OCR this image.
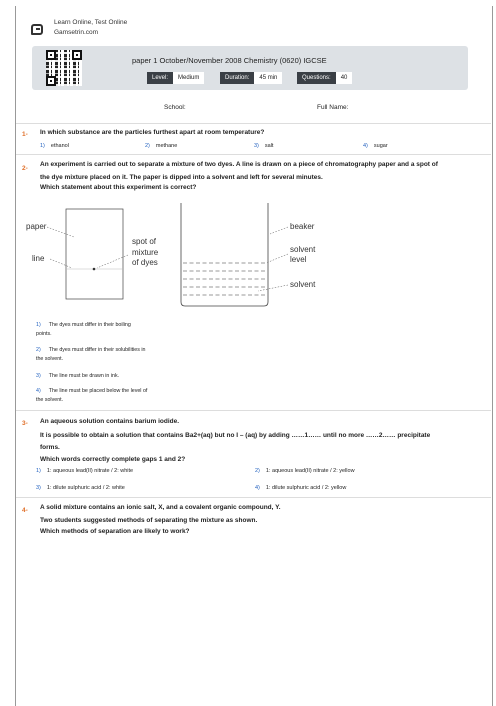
Learn Online, Test Online
Gamsetrin.com
paper 1 October/November 2008 Chemistry (0620) IGCSE
Level: Medium	Duration: 45 min	Questions: 40
School:	Full Name:
1- In which substance are the particles furthest apart at room temperature?
1) ethanol	2) methane	3) salt	4) sugar
2-
An experiment is carried out to separate a mixture of two dyes. A line is drawn on a piece of chromatography paper and a spot of
the dye mixture placed on it. The paper is dipped into a solvent and left for several minutes.
Which statement about this experiment is correct?
paper
line
spot of
mixture
of dyes
beaker
solvent
level
solvent
1) The dyes must differ in their boiling
points.
2) The dyes must differ in their solubilities in
the solvent.
3) The line must be drawn in ink.
4) The line must be placed below the level of
the solvent.
3- An aqueous solution contains barium iodide.
It is possible to obtain a solution that contains Ba2+(aq) but no I – (aq) by adding ……1…… until no more ……2…… precipitate
forms.
Which words correctly complete gaps 1 and 2?
1) 1: aqueous lead(II) nitrate / 2: white	2) 1: aqueous lead(II) nitrate / 2: yellow
3) 1: dilute sulphuric acid / 2: white	4) 1: dilute sulphuric acid / 2: yellow
4- A solid mixture contains an ionic salt, X, and a covalent organic compound, Y.
Two students suggested methods of separating the mixture as shown.
Which methods of separation are likely to work?
